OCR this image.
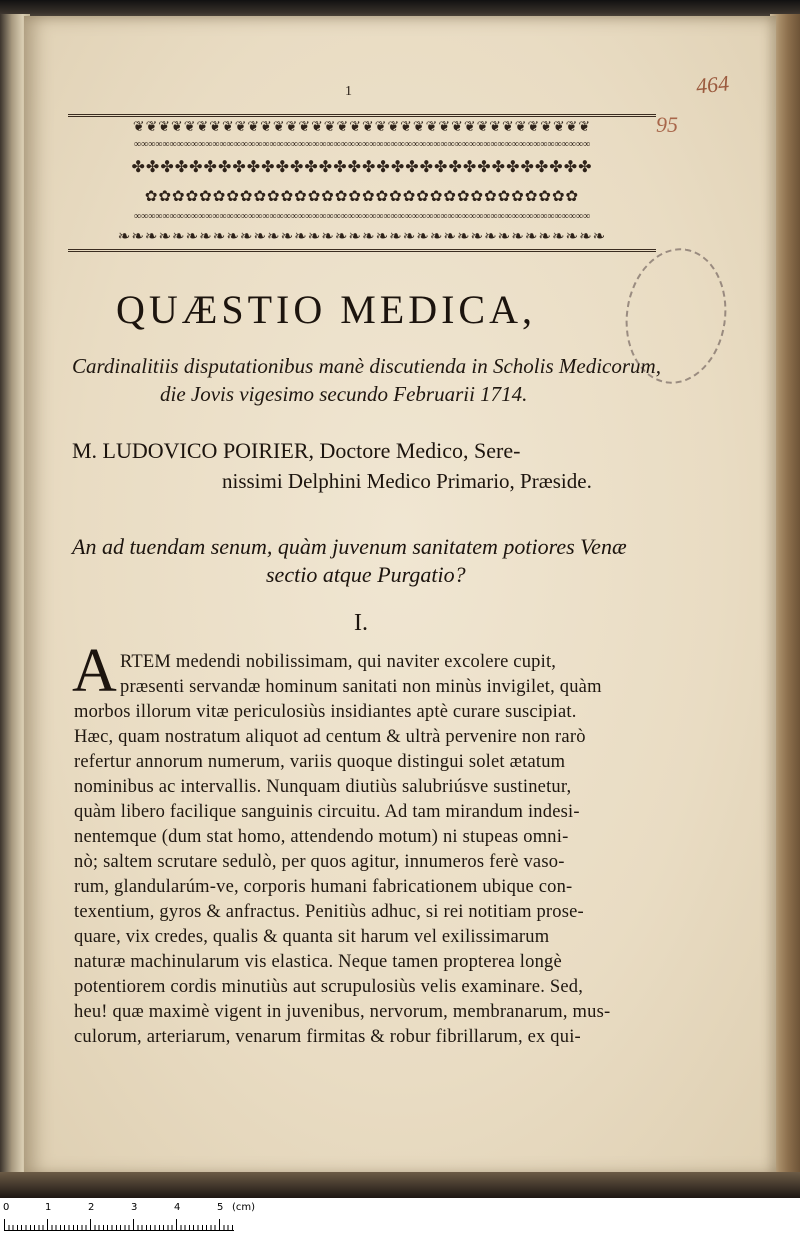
1	464
95
❦❦❦❦❦❦❦❦❦❦❦❦❦❦❦❦❦❦❦❦❦❦❦❦❦❦❦❦❦❦❦❦❦❦❦❦
∞∞∞∞∞∞∞∞∞∞∞∞∞∞∞∞∞∞∞∞∞∞∞∞∞∞∞∞∞∞∞∞∞∞∞∞∞∞∞∞∞∞∞∞∞∞∞∞∞∞∞∞∞∞∞∞∞∞∞∞∞∞∞∞
✤✤✤✤✤✤✤✤✤✤✤✤✤✤✤✤✤✤✤✤✤✤✤✤✤✤✤✤✤✤✤✤
✿✿✿✿✿✿✿✿✿✿✿✿✿✿✿✿✿✿✿✿✿✿✿✿✿✿✿✿✿✿✿✿
∞∞∞∞∞∞∞∞∞∞∞∞∞∞∞∞∞∞∞∞∞∞∞∞∞∞∞∞∞∞∞∞∞∞∞∞∞∞∞∞∞∞∞∞∞∞∞∞∞∞∞∞∞∞∞∞∞∞∞∞∞∞∞∞
❧❧❧❧❧❧❧❧❧❧❧❧❧❧❧❧❧❧❧❧❧❧❧❧❧❧❧❧❧❧❧❧❧❧❧❧
QUÆSTIO MEDICA,
Cardinalitiis disputationibus manè discutienda in Scholis Medicorum,
die Jovis vigesimo secundo Februarii 1714.
M. LUDOVICO POIRIER, Doctore Medico, Sere-
nissimi Delphini Medico Primario, Præside.
An ad tuendam senum, quàm juvenum sanitatem potiores Venæ
sectio atque Purgatio?
I.
A RTEM medendi nobilissimam, qui naviter excolere cupit,
præsenti servandæ hominum sanitati non minùs invigilet, quàm
morbos illorum vitæ periculosiùs insidiantes aptè curare suscipiat.
Hæc, quam nostratum aliquot ad centum & ultrà pervenire non rarò
refertur annorum numerum, variis quoque distingui solet ætatum
nominibus ac intervallis. Nunquam diutiùs salubriúsve sustinetur,
quàm libero facilique sanguinis circuitu. Ad tam mirandum indesi-
nentemque (dum stat homo, attendendo motum) ni stupeas omni-
nò; saltem scrutare sedulò, per quos agitur, innumeros ferè vaso-
rum, glandularúm-ve, corporis humani fabricationem ubique con-
texentium, gyros & anfractus. Penitiùs adhuc, si rei notitiam prose-
quare, vix credes, qualis & quanta sit harum vel exilissimarum
naturæ machinularum vis elastica. Neque tamen propterea longè
potentiorem cordis minutiùs aut scrupulosiùs velis examinare. Sed,
heu! quæ maximè vigent in juvenibus, nervorum, membranarum, mus-
culorum, arteriarum, venarum firmitas & robur fibrillarum, ex qui-
0	1	2	3	4	5 (cm)
